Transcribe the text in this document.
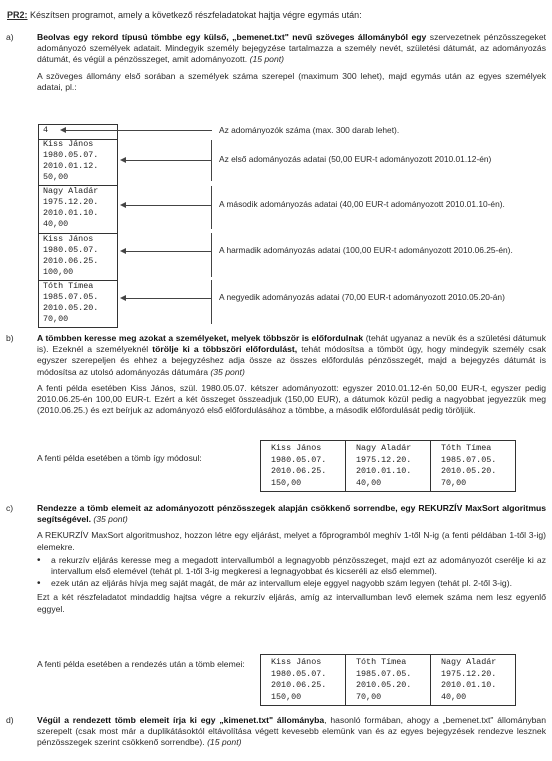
PR2: Készítsen programot, amely a következő részfeladatokat hajtja végre egymás után:
a)	Beolvas egy rekord típusú tömbbe egy külső, „bemenet.txt" nevű szöveges állományból egy szervezetnek pénzösszegeket adományozó személyek adatait. Mindegyik személy bejegyzése tartalmazza a személy nevét, születési dátumát, az adományozás dátumát, és végül a pénzösszeget, amit adományozott. (15 pont)

A szöveges állomány első sorában a személyek száma szerepel (maximum 300 lehet), majd egymás után az egyes személyek adatai, pl.:

4
Kiss János
1980.05.07.
2010.01.12.
50,00
Nagy Aladár
1975.12.20.
2010.01.10.
40,00
Kiss János
1980.05.07.
2010.06.25.
100,00
Tóth Tímea
1985.07.05.
2010.05.20.
70,00
Az adományozók száma (max. 300 darab lehet).
Az első adományozás adatai (50,00 EUR-t adományozott 2010.01.12-én)
A második adományozás adatai (40,00 EUR-t adományozott 2010.01.10-én).
A harmadik adományozás adatai (100,00 EUR-t adományozott 2010.06.25-én).
A negyedik adományozás adatai (70,00 EUR-t adományozott 2010.05.20-án)
b)	A tömbben keresse meg azokat a személyeket, melyek többször is előfordulnak (tehát ugyanaz a nevük és a születési dátumuk is). Ezeknél a személyeknél törölje ki a többszöri előfordulást, tehát módosítsa a tömböt úgy, hogy mindegyik személy csak egyszer szerepeljen és ehhez a bejegyzéshez adja össze az összes előfordulás pénzösszegét, majd a bejegyzés dátumát is módosítsa az utolsó adományozás dátumára (35 pont)

A fenti példa esetében Kiss János, szül. 1980.05.07. kétszer adományozott: egyszer 2010.01.12-én 50,00 EUR-t, egyszer pedig 2010.06.25-én 100,00 EUR-t. Ezért a két összeget összeadjuk (150,00 EUR), a dátumok közül pedig a nagyobbat jegyezzük meg (2010.06.25.) és ezt beírjuk az adományozó első előfordulásához a tömbbe, a második előfordulását pedig töröljük.

A fenti példa esetében a tömb így módosul:
Kiss János
1980.05.07.
2010.06.25.
150,00

Nagy Aladár
1975.12.20.
2010.01.10.
40,00

Tóth Tímea
1985.07.05.
2010.05.20.
70,00
c)	Rendezze a tömb elemeit az adományozott pénzösszegek alapján csökkenő sorrendbe, egy REKURZÍV MaxSort algoritmus segítségével. (35 pont)

A REKURZÍV MaxSort algoritmushoz, hozzon létre egy eljárást, melyet a főprogramból meghív 1-től N-ig (a fenti példában 1-től 3-ig) elemekre.

• a rekurzív eljárás keresse meg a megadott intervallumból a legnagyobb pénzösszeget, majd ezt az adományozót cserélje ki az intervallum első elemével (tehát pl. 1-től 3-ig megkeresi a legnagyobbat és kicseréli az első elemmel).
• ezek után az eljárás hívja meg saját magát, de már az intervallum eleje eggyel nagyobb szám legyen (tehát pl. 2-től 3-ig).

Ezt a két részfeladatot mindaddig hajtsa végre a rekurzív eljárás, amíg az intervallumban levő elemek száma nem lesz egyenlő eggyel.

A fenti példa esetében a rendezés után a tömb elemei:	Kiss János
1980.05.07.
2010.06.25.
150,00

Tóth Tímea
1985.07.05.
2010.05.20.
70,00

Nagy Aladár
1975.12.20.
2010.01.10.
40,00
d)	Végül a rendezett tömb elemeit írja ki egy „kimenet.txt" állományba, hasonló formában, ahogy a „bemenet.txt" állományban szerepelt (csak most már a duplikátásoktól eltávolítása végett kevesebb elemünk van és az egyes bejegyzések rendezve lesznek pénzösszegek szerint csökkenő sorrendbe). (15 pont)
